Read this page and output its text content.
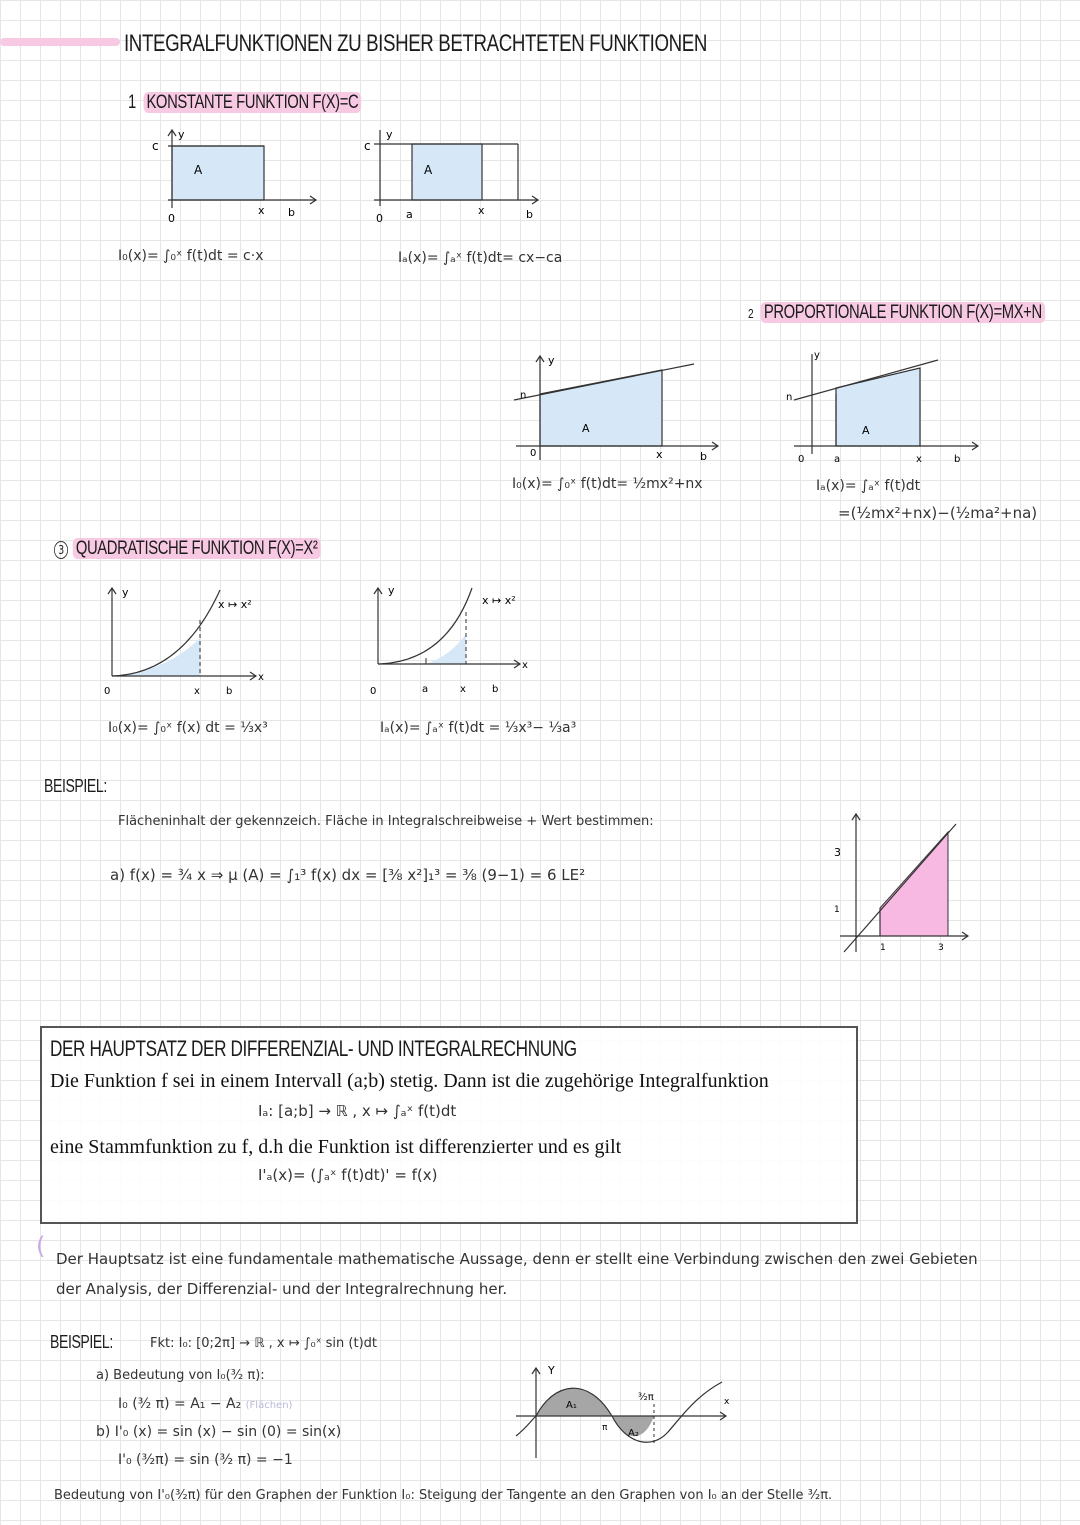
INTEGRALFUNKTIONEN ZU BISHER BETRACHTETEN FUNKTIONEN
1 KONSTANTE FUNKTION F(X)=C
c
y
A
0
x b
I₀(x)= ∫₀ˣ f(t)dt = c·x
c
y
A
0 a	x	b
Iₐ(x)= ∫ₐˣ f(t)dt= cx−ca
2 PROPORTIONALE FUNKTION F(X)=MX+N
n
y
A
0	x	b
I₀(x)= ∫₀ˣ f(t)dt= ½mx²+nx
n
y
A
0	a	x	b
Iₐ(x)= ∫ₐˣ f(t)dt
=(½mx²+nx)−(½ma²+na)
3 QUADRATISCHE FUNKTION F(X)=X²
y
x ↦ x²
0	x	b
x
I₀(x)= ∫₀ˣ f(x) dt = ⅓x³
y
x ↦ x²
0	a	x	b
x
Iₐ(x)= ∫ₐˣ f(t)dt = ⅓x³− ⅓a³
BEISPIEL:
Flächeninhalt der gekennzeich. Fläche in Integralschreibweise + Wert bestimmen:
a) f(x) = ¾ x ⇒ μ (A) = ∫₁³ f(x) dx = [⅜ x²]₁³ = ⅜ (9−1) = 6 LE²
3
1
1	3
DER HAUPTSATZ DER DIFFERENZIAL- UND INTEGRALRECHNUNG
Die Funktion f sei in einem Intervall (a;b) stetig. Dann ist die zugehörige Integralfunktion
Iₐ: [a;b] → ℝ , x ↦ ∫ₐˣ f(t)dt
eine Stammfunktion zu f, d.h die Funktion ist differenzierter und es gilt
I'ₐ(x)= (∫ₐˣ f(t)dt)' = f(x)
( Der Hauptsatz ist eine fundamentale mathematische Aussage, denn er stellt eine Verbindung zwischen den zwei Gebieten
der Analysis, der Differenzial- und der Integralrechnung her.
BEISPIEL:	Fkt: I₀: [0;2π] → ℝ , x ↦ ∫₀ˣ sin (t)dt
a) Bedeutung von I₀(³⁄₂ π):
I₀ (³⁄₂ π) = A₁ − A₂ (Flächen)
b) I'₀ (x) = sin (x) − sin (0) = sin(x)
I'₀ (³⁄₂π) = sin (³⁄₂ π) = −1
Y
A₁
A₂
π
³⁄₂π	x
Bedeutung von I'₀(³⁄₂π) für den Graphen der Funktion I₀: Steigung der Tangente an den Graphen von I₀ an der Stelle ³⁄₂π.
